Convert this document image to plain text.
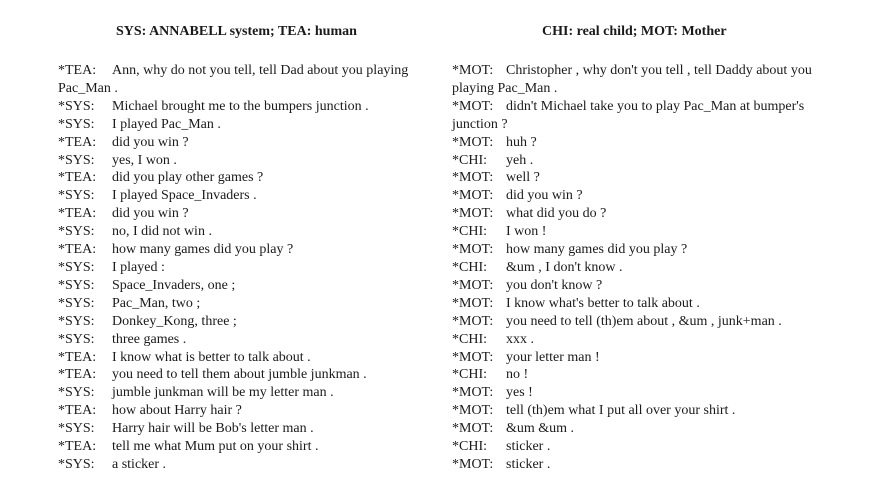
SYS: ANNABELL system; TEA: human
*TEA: Ann, why do not you tell, tell Dad about you playing Pac_Man .
*SYS: Michael brought me to the bumpers junction .
*SYS: I played Pac_Man .
*TEA: did you win ?
*SYS: yes, I won .
*TEA: did you play other games ?
*SYS: I played Space_Invaders .
*TEA: did you win ?
*SYS: no, I did not win .
*TEA: how many games did you play ?
*SYS: I played :
*SYS: Space_Invaders, one ;
*SYS: Pac_Man, two ;
*SYS: Donkey_Kong, three ;
*SYS: three games .
*TEA: I know what is better to talk about .
*TEA: you need to tell them about jumble junkman .
*SYS: jumble junkman will be my letter man .
*TEA: how about Harry hair ?
*SYS: Harry hair will be Bob's letter man .
*TEA: tell me what Mum put on your shirt .
*SYS: a sticker .
CHI: real child; MOT: Mother
*MOT: Christopher , why don't you tell , tell Daddy about you playing Pac_Man .
*MOT: didn't Michael take you to play Pac_Man at bumper's junction ?
*MOT: huh ?
*CHI: yeh .
*MOT: well ?
*MOT: did you win ?
*MOT: what did you do ?
*CHI: I won !
*MOT: how many games did you play ?
*CHI: &um , I don't know .
*MOT: you don't know ?
*MOT: I know what's better to talk about .
*MOT: you need to tell (th)em about , &um , junk+man .
*CHI: xxx .
*MOT: your letter man !
*CHI: no !
*MOT: yes !
*MOT: tell (th)em what I put all over your shirt .
*MOT: &um &um .
*CHI: sticker .
*MOT: sticker .
